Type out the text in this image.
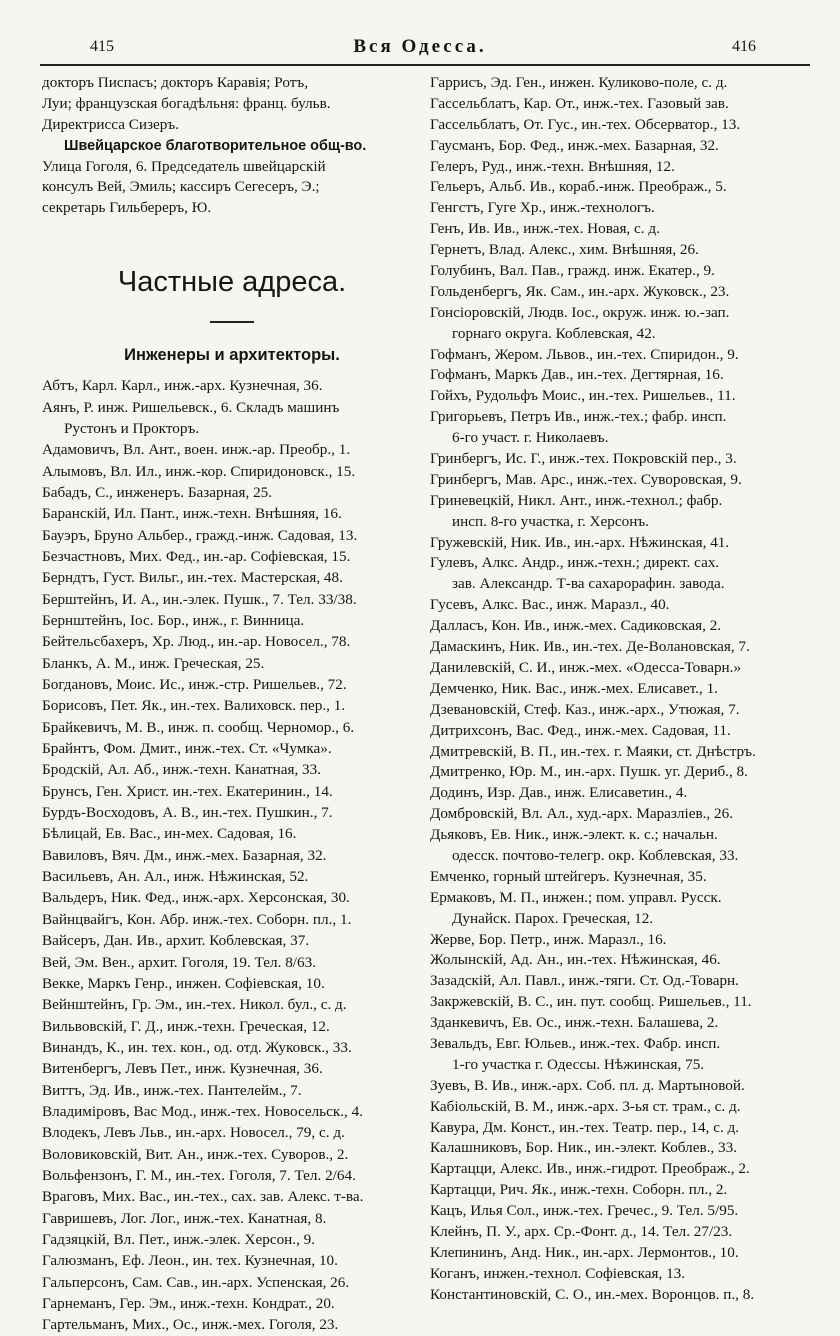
415	Вся Одесса.	416
докторъ Писпасъ; докторъ Каравія; Ротъ,
Луи; французская богадѣльня: франц. бульв.
Директрисса Сизеръ.
Швейцарское благотворительное общ-во.
Улица Гоголя, 6. Председатель швейцарскій
консулъ Вей, Эмиль; кассиръ Сегесеръ, Э.;
секретарь Гильбереръ, Ю.
Частные адреса.
Инженеры и архитекторы.
Абтъ, Карл. Карл., инж.-арх. Кузнечная, 36.
Аянъ, Р. инж. Ришельевск., 6. Складъ машинъ
Рустонъ и Прокторъ.
Адамовичъ, Вл. Ант., воен. инж.-ар. Преобр., 1.
Алымовъ, Вл. Ил., инж.-кор. Спиридоновск., 15.
Бабадъ, С., инженеръ. Базарная, 25.
Баранскій, Ил. Пант., инж.-техн. Внѣшняя, 16.
Бауэръ, Бруно Альбер., гражд.-инж. Садовая, 13.
Безчастновъ, Мих. Фед., ин.-ар. Софіевская, 15.
Берндтъ, Густ. Вильг., ин.-тех. Мастерская, 48.
Берштейнъ, И. А., ин.-элек. Пушк., 7. Тел. 33/38.
Бернштейнъ, Іос. Бор., инж., г. Винница.
Бейтельсбахеръ, Хр. Люд., ин.-ар. Новосел., 78.
Бланкъ, А. М., инж. Греческая, 25.
Богдановъ, Моис. Ис., инж.-стр. Ришельев., 72.
Борисовъ, Пет. Як., ин.-тех. Валиховск. пер., 1.
Брайкевичъ, М. В., инж. п. сообщ. Черномор., 6.
Брайнтъ, Фом. Дмит., инж.-тех. Ст. «Чумка».
Бродскій, Ал. Аб., инж.-техн. Канатная, 33.
Брунсъ, Ген. Христ. ин.-тех. Екатеринин., 14.
Бурдъ-Восходовъ, А. В., ин.-тех. Пушкин., 7.
Бѣлицай, Ев. Вас., ин-мех. Садовая, 16.
Вавиловъ, Вяч. Дм., инж.-мех. Базарная, 32.
Васильевъ, Ан. Ал., инж. Нѣжинская, 52.
Вальдеръ, Ник. Фед., инж.-арх. Херсонская, 30.
Вайнцвайгъ, Кон. Абр. инж.-тех. Соборн. пл., 1.
Вайсеръ, Дан. Ив., архит. Коблевская, 37.
Вей, Эм. Вен., архит. Гоголя, 19. Тел. 8/63.
Векке, Маркъ Генр., инжен. Софіевская, 10.
Вейнштейнъ, Гр. Эм., ин.-тех. Никол. бул., с. д.
Вильвовскій, Г. Д., инж.-техн. Греческая, 12.
Винандъ, К., ин. тех. кон., од. отд. Жуковск., 33.
Витенбергъ, Левъ Пет., инж. Кузнечная, 36.
Виттъ, Эд. Ив., инж.-тех. Пантелейм., 7.
Владиміровъ, Вас Мод., инж.-тех. Новосельск., 4.
Влодекъ, Левъ Льв., ин.-арх. Новосел., 79, с. д.
Воловиковскій, Вит. Ан., инж.-тех. Суворов., 2.
Вольфензонъ, Г. М., ин.-тех. Гоголя, 7. Тел. 2/64.
Враговъ, Мих. Вас., ин.-тех., сах. зав. Алекс. т-ва.
Гавришевъ, Лог. Лог., инж.-тех. Канатная, 8.
Гадзяцкій, Вл. Пет., инж.-элек. Херсон., 9.
Галюзманъ, Еф. Леон., ин. тех. Кузнечная, 10.
Гальперсонъ, Сам. Сав., ин.-арх. Успенская, 26.
Гарнеманъ, Гер. Эм., инж.-техн. Кондрат., 20.
Гартельманъ, Мих., Ос., инж.-мех. Гоголя, 23.
Гаррисъ, Эд. Ген., инжен. Куликово-поле, с. д.
Гассельблатъ, Кар. От., инж.-тех. Газовый зав.
Гассельблатъ, От. Гус., ин.-тех. Обсерватор., 13.
Гаусманъ, Бор. Фед., инж.-мех. Базарная, 32.
Гелеръ, Руд., инж.-техн. Внѣшняя, 12.
Гельеръ, Альб. Ив., кораб.-инж. Преображ., 5.
Генгстъ, Гуге Хр., инж.-технологъ.
Генъ, Ив. Ив., инж.-тех. Новая, с. д.
Гернетъ, Влад. Алекс., хим. Внѣшняя, 26.
Голубинъ, Вал. Пав., гражд. инж. Екатер., 9.
Гольденбергъ, Як. Сам., ин.-арх. Жуковск., 23.
Гонсіоровскій, Людв. Іос., окруж. инж. ю.-зап.
горнаго округа. Коблевская, 42.
Гофманъ, Жером. Львов., ин.-тех. Спиридон., 9.
Гофманъ, Маркъ Дав., ин.-тех. Дегтярная, 16.
Гойхъ, Рудольфъ Моис., ин.-тех. Ришельев., 11.
Григорьевъ, Петръ Ив., инж.-тех.; фабр. инсп.
6-го участ. г. Николаевъ.
Гринбергъ, Ис. Г., инж.-тех. Покровскій пер., 3.
Гринбергъ, Мав. Арс., инж.-тех. Суворовская, 9.
Гриневецкій, Никл. Ант., инж.-технол.; фабр.
инсп. 8-го участка, г. Херсонъ.
Гружевскій, Ник. Ив., ин.-арх. Нѣжинская, 41.
Гулевъ, Алкс. Андр., инж.-техн.; директ. сах.
зав. Александр. Т-ва сахарорафин. завода.
Гусевъ, Алкс. Вас., инж. Маразл., 40.
Далласъ, Кон. Ив., инж.-мех. Садиковская, 2.
Дамаскинъ, Ник. Ив., ин.-тех. Де-Волановская, 7.
Данилевскій, С. И., инж.-мех. «Одесса-Товарн.»
Демченко, Ник. Вас., инж.-мех. Елисавет., 1.
Дзевановскій, Стеф. Каз., инж.-арх., Утюжая, 7.
Дитрихсонъ, Вас. Фед., инж.-мех. Садовая, 11.
Дмитревскій, В. П., ин.-тех. г. Маяки, ст. Днѣстръ.
Дмитренко, Юр. М., ин.-арх. Пушк. уг. Дериб., 8.
Додинъ, Изр. Дав., инж. Елисаветин., 4.
Домбровскій, Вл. Ал., худ.-арх. Маразліев., 26.
Дьяковъ, Ев. Ник., инж.-элект. к. с.; начальн.
одесск. почтово-телегр. окр. Коблевская, 33.
Емченко, горный штейгеръ. Кузнечная, 35.
Ермаковъ, М. П., инжен.; пом. управл. Русск.
Дунайск. Парох. Греческая, 12.
Жерве, Бор. Петр., инж. Маразл., 16.
Жолынскій, Ад. Ан., ин.-тех. Нѣжинская, 46.
Зазадскій, Ал. Павл., инж.-тяги. Ст. Од.-Товарн.
Закржевскій, В. С., ин. пут. сообщ. Ришельев., 11.
Зданкевичъ, Ев. Ос., инж.-техн. Балашева, 2.
Зевальдъ, Евг. Юльев., инж.-тех. Фабр. инсп.
1-го участка г. Одессы. Нѣжинская, 75.
Зуевъ, В. Ив., инж.-арх. Соб. пл. д. Мартыновой.
Кабіольскій, В. М., инж.-арх. 3-ья ст. трам., с. д.
Кавура, Дм. Конст., ин.-тех. Театр. пер., 14, с. д.
Калашниковъ, Бор. Ник., ин.-элект. Коблев., 33.
Картацци, Алекс. Ив., инж.-гидрот. Преображ., 2.
Картацци, Рич. Як., инж.-техн. Соборн. пл., 2.
Кацъ, Илья Сол., инж.-тех. Гречес., 9. Тел. 5/95.
Клейнъ, П. У., арх. Ср.-Фонт. д., 14. Тел. 27/23.
Клепининъ, Анд. Ник., ин.-арх. Лермонтов., 10.
Коганъ, инжен.-технол. Софіевская, 13.
Константиновскій, С. О., ин.-мех. Воронцов. п., 8.
